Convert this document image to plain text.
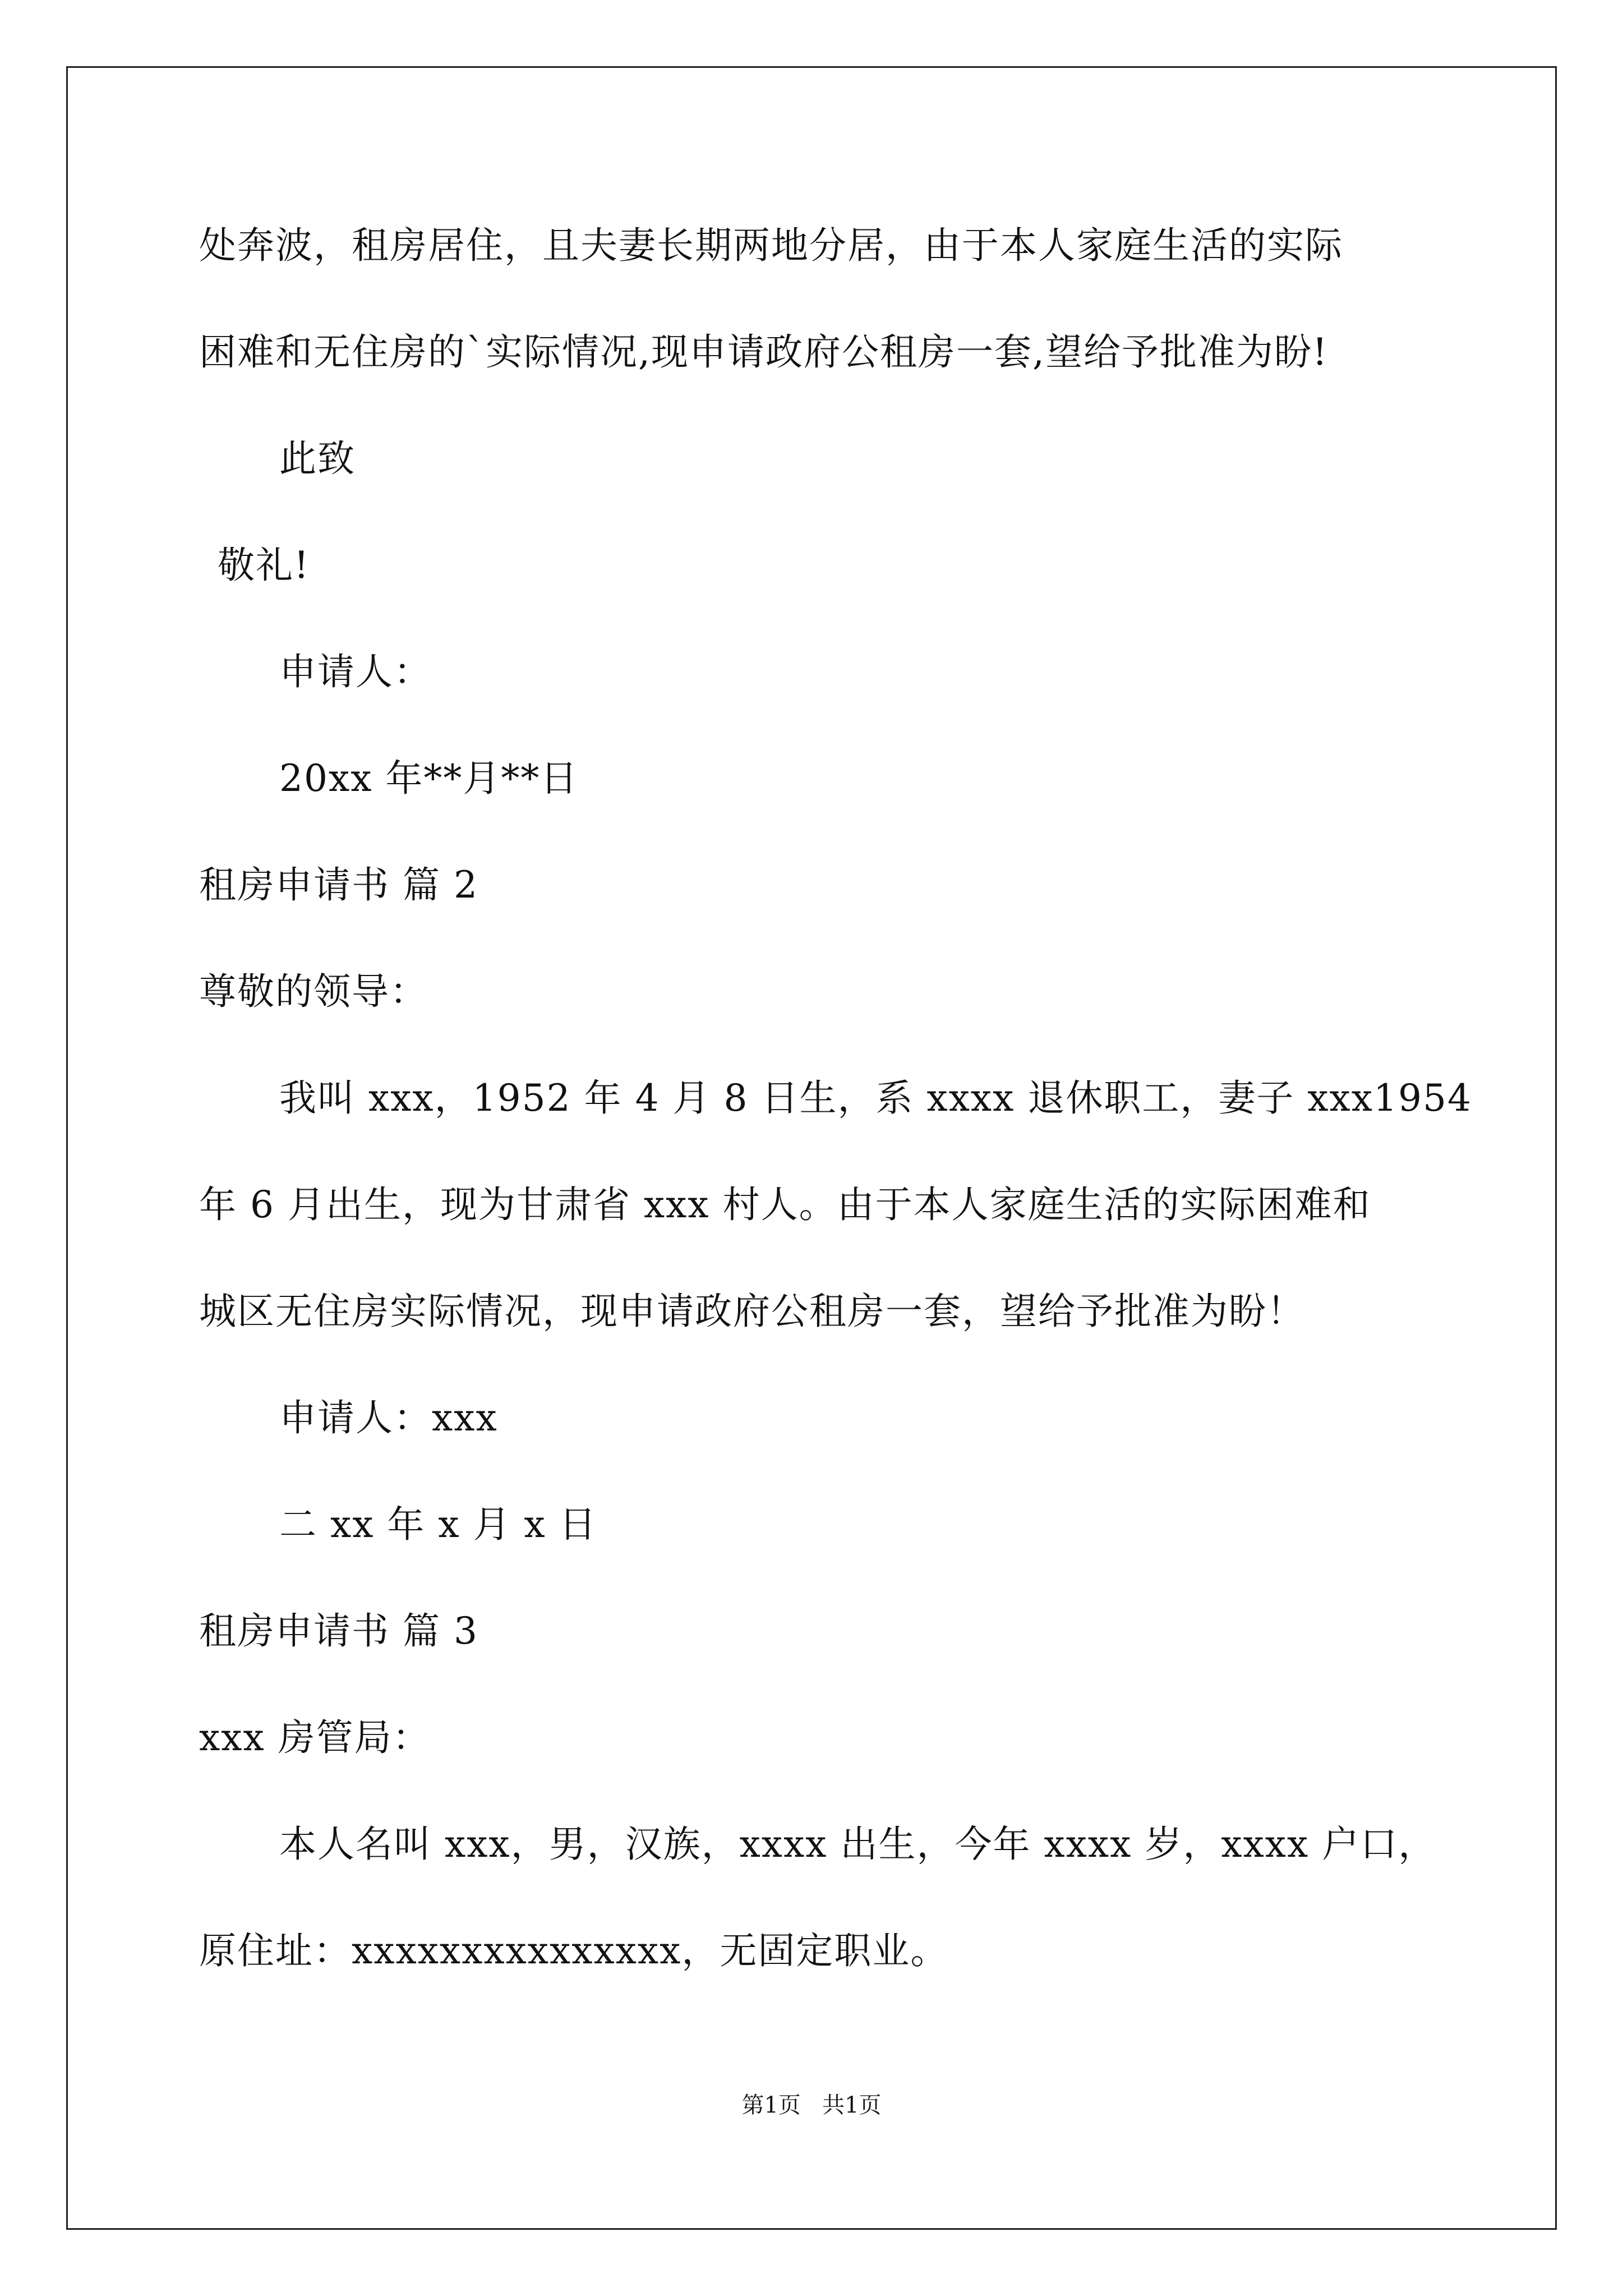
处奔波，租房居住，且夫妻长期两地分居，由于本人家庭生活的实际
困难和无住房的`实际情况,现申请政府公租房一套,望给予批准为盼!
此致
敬礼!
申请人：
20xx 年**月**日
租房申请书 篇 2
尊敬的领导：
我叫 xxx，1952 年 4 月 8 日生，系 xxxx 退休职工，妻子 xxx1954
年 6 月出生，现为甘肃省 xxx 村人。由于本人家庭生活的实际困难和
城区无住房实际情况，现申请政府公租房一套，望给予批准为盼！
申请人：xxx
二 xx 年 x 月 x 日
租房申请书 篇 3
xxx 房管局：
本人名叫 xxx，男，汉族，xxxx 出生，今年 xxxx 岁，xxxx 户口，
原住址：xxxxxxxxxxxxxxx，无固定职业。
第1页   共1页
